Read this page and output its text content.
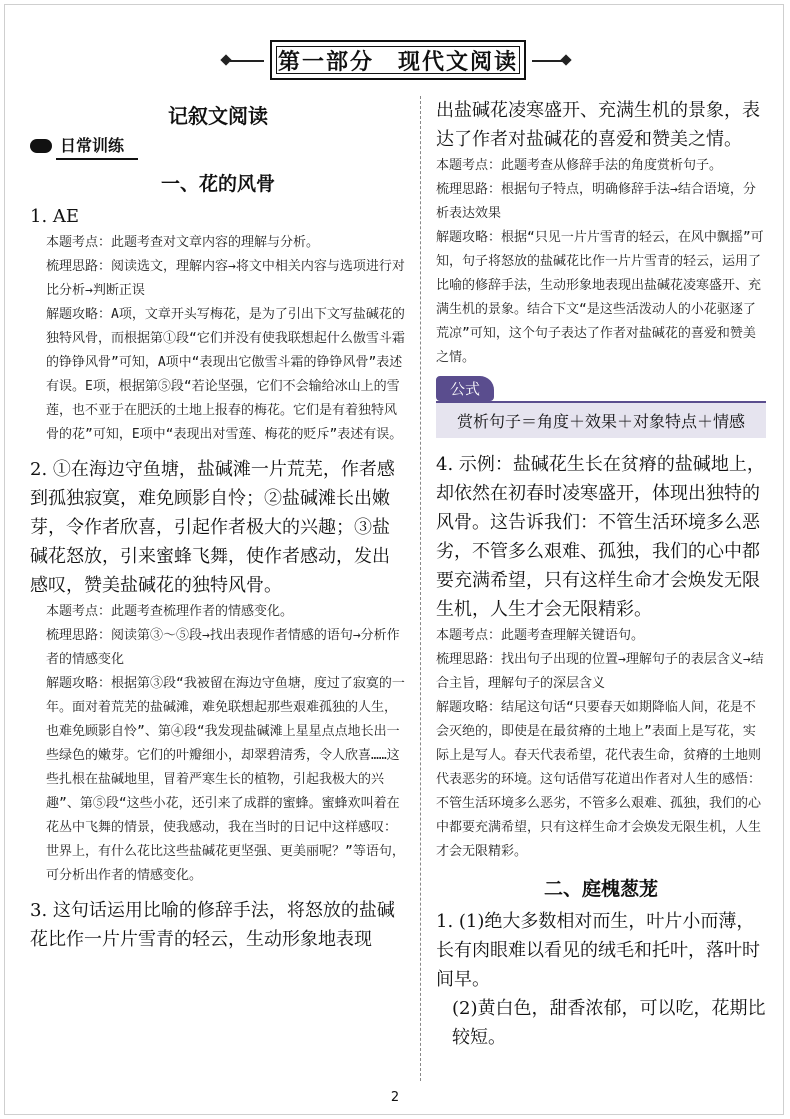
第一部分　现代文阅读
记叙文阅读
日常训练
一、花的风骨

1. AE

本题考点：此题考查对文章内容的理解与分析。

梳理思路：阅读选文，理解内容→将文中相关内容与选项进行对比分析→判断正误

解题攻略：A项，文章开头写梅花，是为了引出下文写盐碱花的独特风骨，而根据第①段“它们并没有使我联想起什么傲雪斗霜的铮铮风骨”可知，A项中“表现出它傲雪斗霜的铮铮风骨”表述有误。E项，根据第⑤段“若论坚强，它们不会输给冰山上的雪莲，也不亚于在肥沃的土地上报春的梅花。它们是有着独特风骨的花”可知，E项中“表现出对雪莲、梅花的贬斥”表述有误。

2. ①在海边守鱼塘，盐碱滩一片荒芜，作者感到孤独寂寞，难免顾影自怜；②盐碱滩长出嫩芽，令作者欣喜，引起作者极大的兴趣；③盐碱花怒放，引来蜜蜂飞舞，使作者感动，发出感叹，赞美盐碱花的独特风骨。

本题考点：此题考查梳理作者的情感变化。

梳理思路：阅读第③～⑤段→找出表现作者情感的语句→分析作者的情感变化

解题攻略：根据第③段“我被留在海边守鱼塘，度过了寂寞的一年。面对着荒芜的盐碱滩，难免联想起那些艰难孤独的人生，也难免顾影自怜”、第④段“我发现盐碱滩上星星点点地长出一些绿色的嫩芽。它们的叶瓣细小，却翠碧清秀，令人欣喜……这些扎根在盐碱地里，冒着严寒生长的植物，引起我极大的兴趣”、第⑤段“这些小花，还引来了成群的蜜蜂。蜜蜂欢叫着在花丛中飞舞的情景，使我感动，我在当时的日记中这样感叹：世界上，有什么花比这些盐碱花更坚强、更美丽呢？”等语句，可分析出作者的情感变化。

3. 这句话运用比喻的修辞手法，将怒放的盐碱花比作一片片雪青的轻云，生动形象地表现

出盐碱花凌寒盛开、充满生机的景象，表达了作者对盐碱花的喜爱和赞美之情。

本题考点：此题考查从修辞手法的角度赏析句子。

梳理思路：根据句子特点，明确修辞手法→结合语境，分析表达效果

解题攻略：根据“只见一片片雪青的轻云，在风中飘摇”可知，句子将怒放的盐碱花比作一片片雪青的轻云，运用了比喻的修辞手法，生动形象地表现出盐碱花凌寒盛开、充满生机的景象。结合下文“是这些活泼动人的小花驱逐了荒凉”可知，这个句子表达了作者对盐碱花的喜爱和赞美之情。

公式
赏析句子＝角度＋效果＋对象特点＋情感

4. 示例：盐碱花生长在贫瘠的盐碱地上，却依然在初春时凌寒盛开，体现出独特的风骨。这告诉我们：不管生活环境多么恶劣，不管多么艰难、孤独，我们的心中都要充满希望，只有这样生命才会焕发无限生机，人生才会无限精彩。

本题考点：此题考查理解关键语句。

梳理思路：找出句子出现的位置→理解句子的表层含义→结合主旨，理解句子的深层含义

解题攻略：结尾这句话“只要春天如期降临人间，花是不会灭绝的，即使是在最贫瘠的土地上”表面上是写花，实际上是写人。春天代表希望，花代表生命，贫瘠的土地则代表恶劣的环境。这句话借写花道出作者对人生的感悟：不管生活环境多么恶劣，不管多么艰难、孤独，我们的心中都要充满希望，只有这样生命才会焕发无限生机，人生才会无限精彩。

二、庭槐葱茏

1. (1)绝大多数相对而生，叶片小而薄，长有肉眼难以看见的绒毛和托叶，落叶时间早。

(2)黄白色，甜香浓郁，可以吃，花期比较短。

2
